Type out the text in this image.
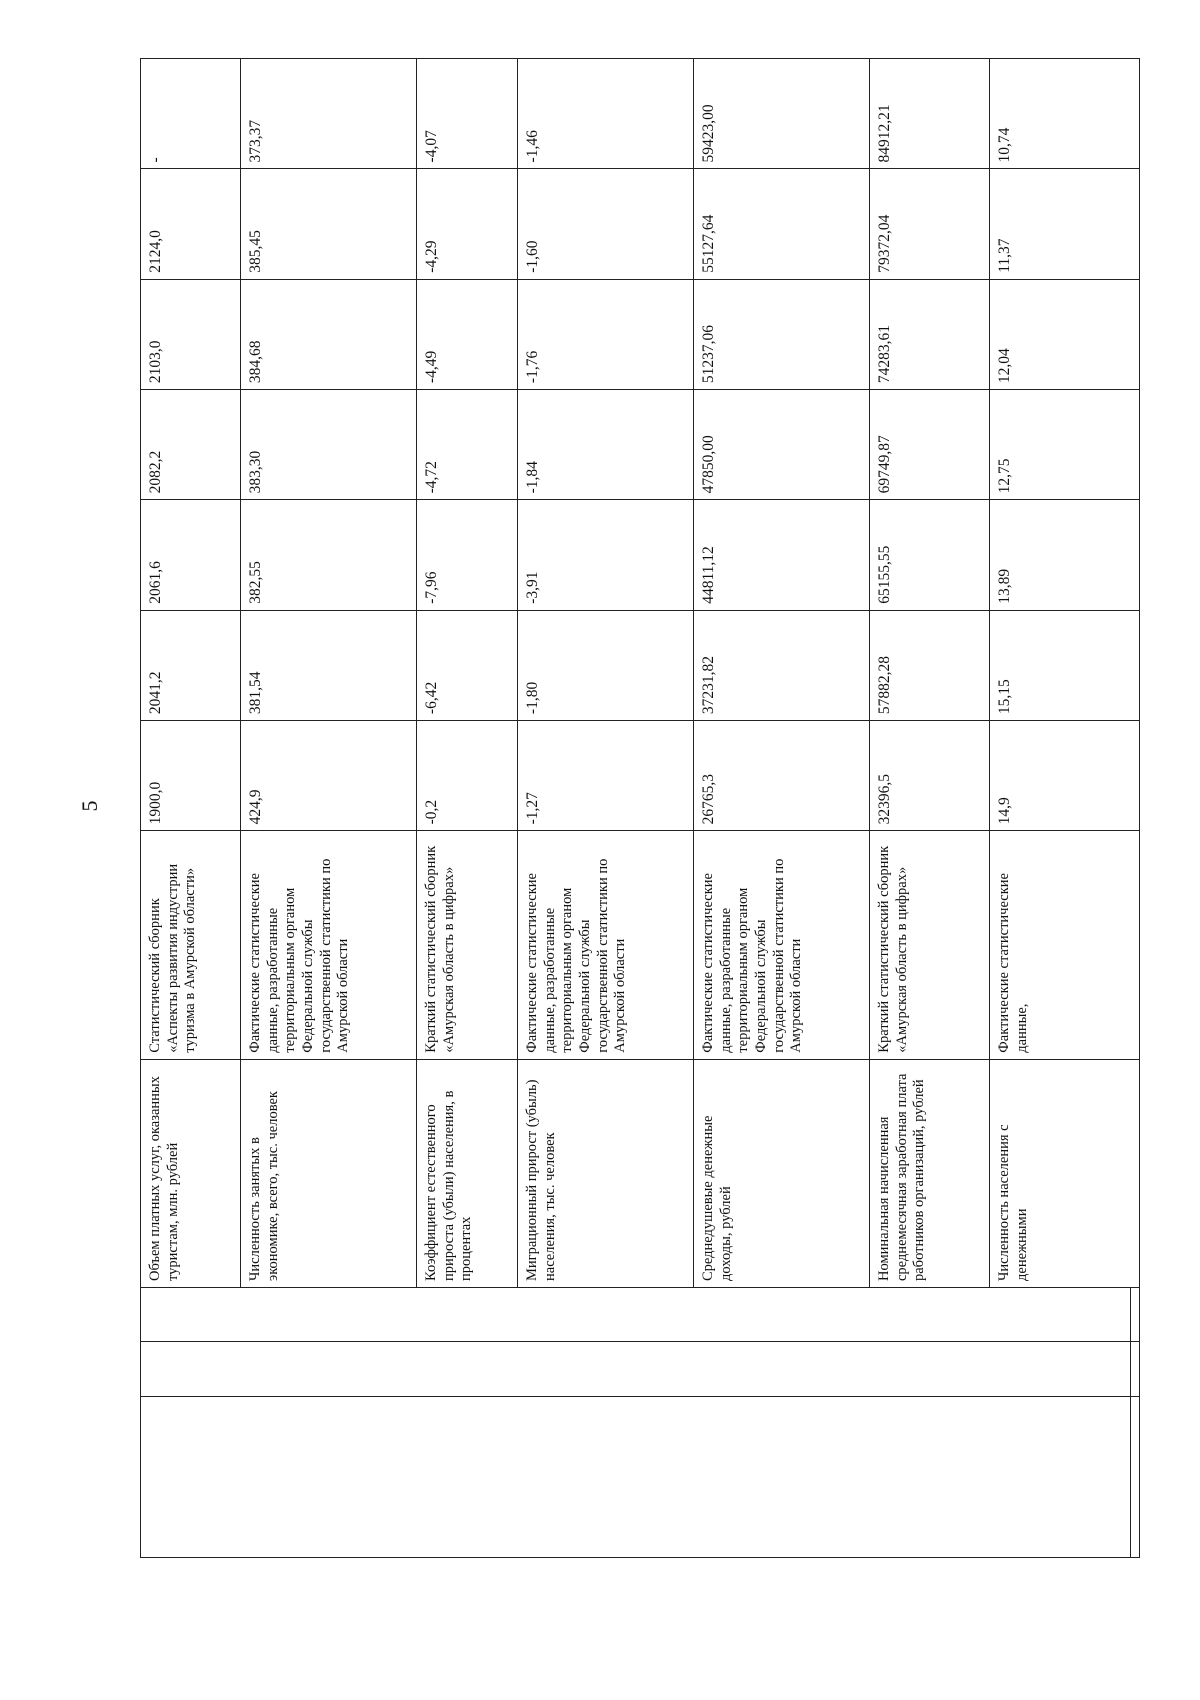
5
Объем платных услуг, оказанных туристам, млн. рублей	Статистический сборник «Аспекты развития индустрии туризма в Амурской области»	1900,0	2041,2	2061,6	2082,2	2103,0	2124,0	-
Численность занятых в экономике, всего, тыс. человек	Фактические статистические данные, разработанные территориальным органом Федеральной службы государственной статистики по Амурской области	424,9	381,54	382,55	383,30	384,68	385,45	373,37
Коэффициент естественного прироста (убыли) населения, в процентах	Краткий статистический сборник «Амурская область в цифрах»	-0,2	-6,42	-7,96	-4,72	-4,49	-4,29	-4,07
Миграционный прирост (убыль) населения, тыс. человек	Фактические статистические данные, разработанные территориальным органом Федеральной службы государственной статистики по Амурской области	-1,27	-1,80	-3,91	-1,84	-1,76	-1,60	-1,46
Среднедушевые денежные доходы, рублей	Фактические статистические данные, разработанные территориальным органом Федеральной службы государственной статистики по Амурской области	26765,3	37231,82	44811,12	47850,00	51237,06	55127,64	59423,00
Номинальная начисленная среднемесячная заработная плата работников организаций, рублей	Краткий статистический сборник «Амурская область в цифрах»	32396,5	57882,28	65155,55	69749,87	74283,61	79372,04	84912,21
Численность населения с денежными	Фактические статистические данные,	14,9	15,15	13,89	12,75	12,04	11,37	10,74
